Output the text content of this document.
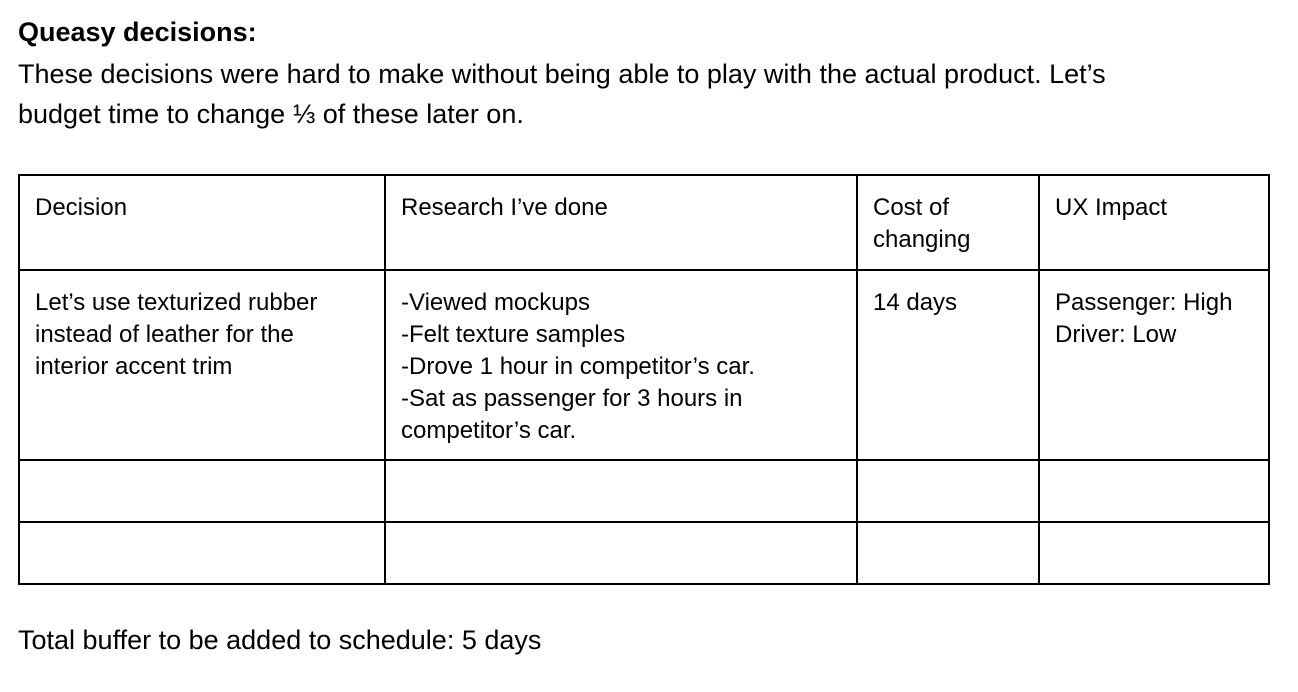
Queasy decisions:
These decisions were hard to make without being able to play with the actual product. Let’s
budget time to change ⅓ of these later on.
Decision	Research I’ve done	Cost of changing	UX Impact
Let’s use texturized rubber instead of leather for the interior accent trim	-Viewed mockups
-Felt texture samples
-Drove 1 hour in competitor’s car.
-Sat as passenger for 3 hours in competitor’s car.	14 days	Passenger: High
Driver: Low

Total buffer to be added to schedule: 5 days
